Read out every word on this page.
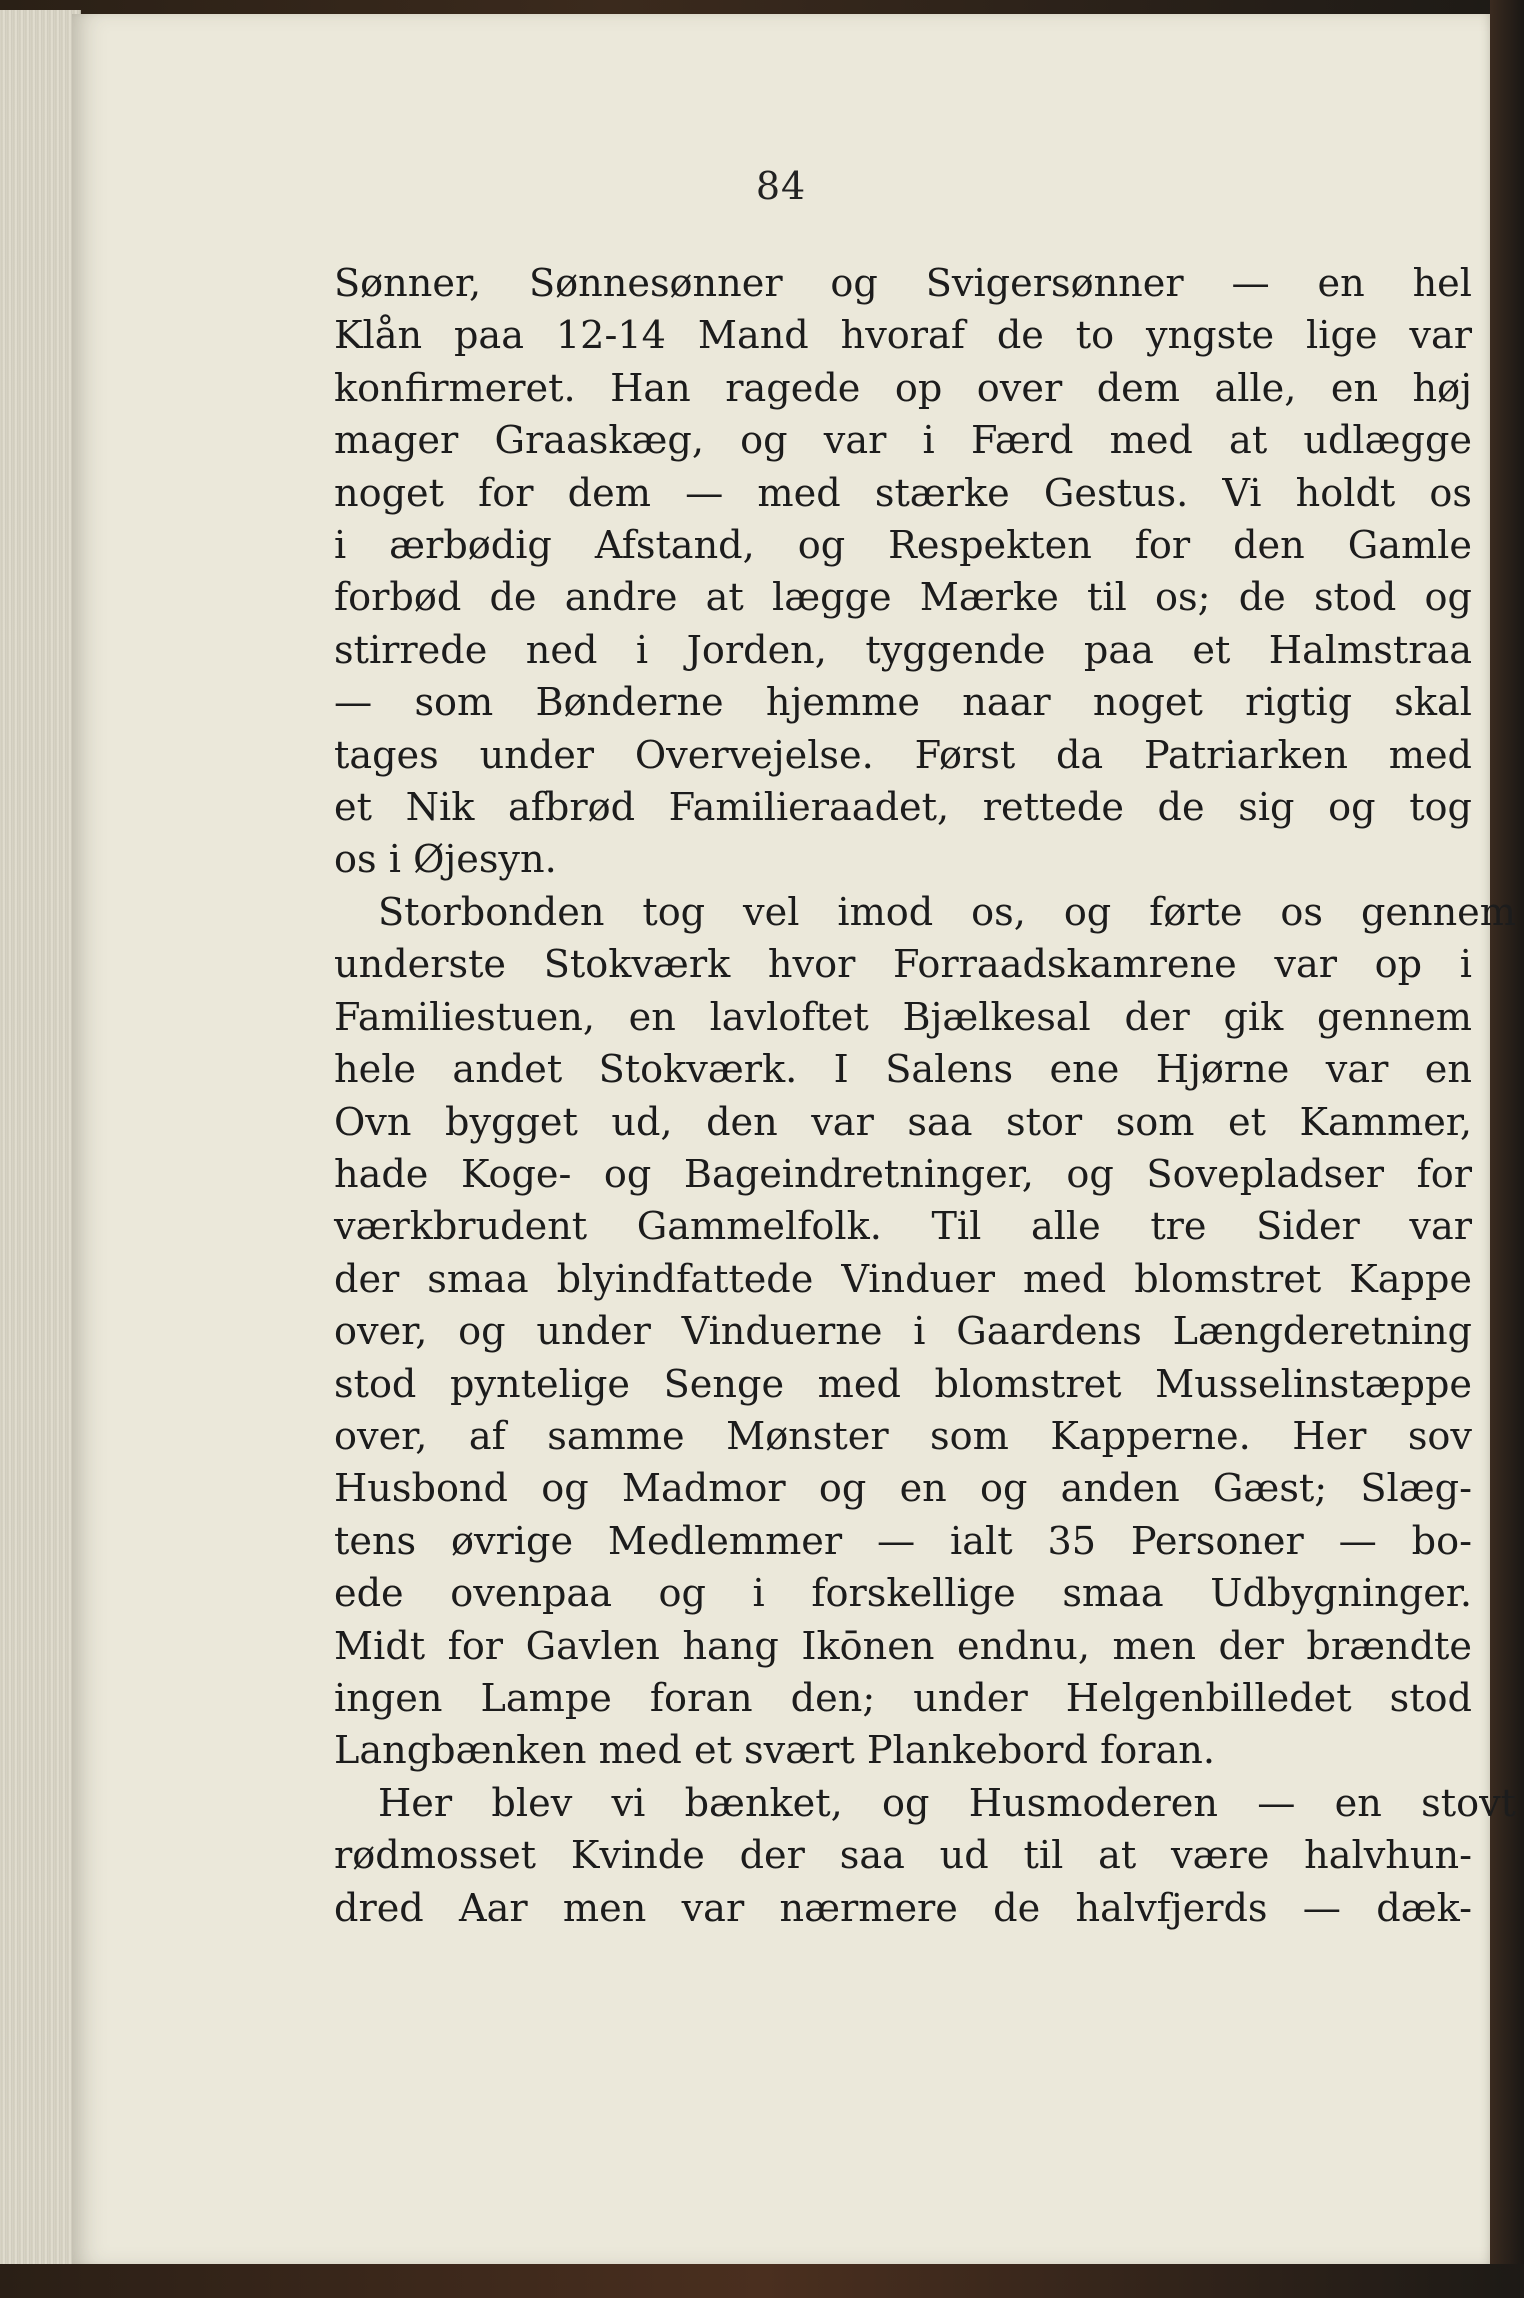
84
Sønner, Sønnesønner og Svigersønner — en hel
Klån paa 12-14 Mand hvoraf de to yngste lige var
konfirmeret. Han ragede op over dem alle, en høj
mager Graaskæg, og var i Færd med at udlægge
noget for dem — med stærke Gestus. Vi holdt os
i ærbødig Afstand, og Respekten for den Gamle
forbød de andre at lægge Mærke til os; de stod og
stirrede ned i Jorden, tyggende paa et Halmstraa
— som Bønderne hjemme naar noget rigtig skal
tages under Overvejelse. Først da Patriarken med
et Nik afbrød Familieraadet, rettede de sig og tog
os i Øjesyn.
Storbonden tog vel imod os, og førte os gennem
underste Stokværk hvor Forraadskamrene var op i
Familiestuen, en lavloftet Bjælkesal der gik gennem
hele andet Stokværk. I Salens ene Hjørne var en
Ovn bygget ud, den var saa stor som et Kammer,
hade Koge- og Bageindretninger, og Sovepladser for
værkbrudent Gammelfolk. Til alle tre Sider var
der smaa blyindfattede Vinduer med blomstret Kappe
over, og under Vinduerne i Gaardens Længderetning
stod pyntelige Senge med blomstret Musselinstæppe
over, af samme Mønster som Kapperne. Her sov
Husbond og Madmor og en og anden Gæst; Slæg-
tens øvrige Medlemmer — ialt 35 Personer — bo-
ede ovenpaa og i forskellige smaa Udbygninger.
Midt for Gavlen hang Ikōnen endnu, men der brændte
ingen Lampe foran den; under Helgenbilledet stod
Langbænken med et svært Plankebord foran.
Her blev vi bænket, og Husmoderen — en stovt
rødmosset Kvinde der saa ud til at være halvhun-
dred Aar men var nærmere de halvfjerds — dæk-
